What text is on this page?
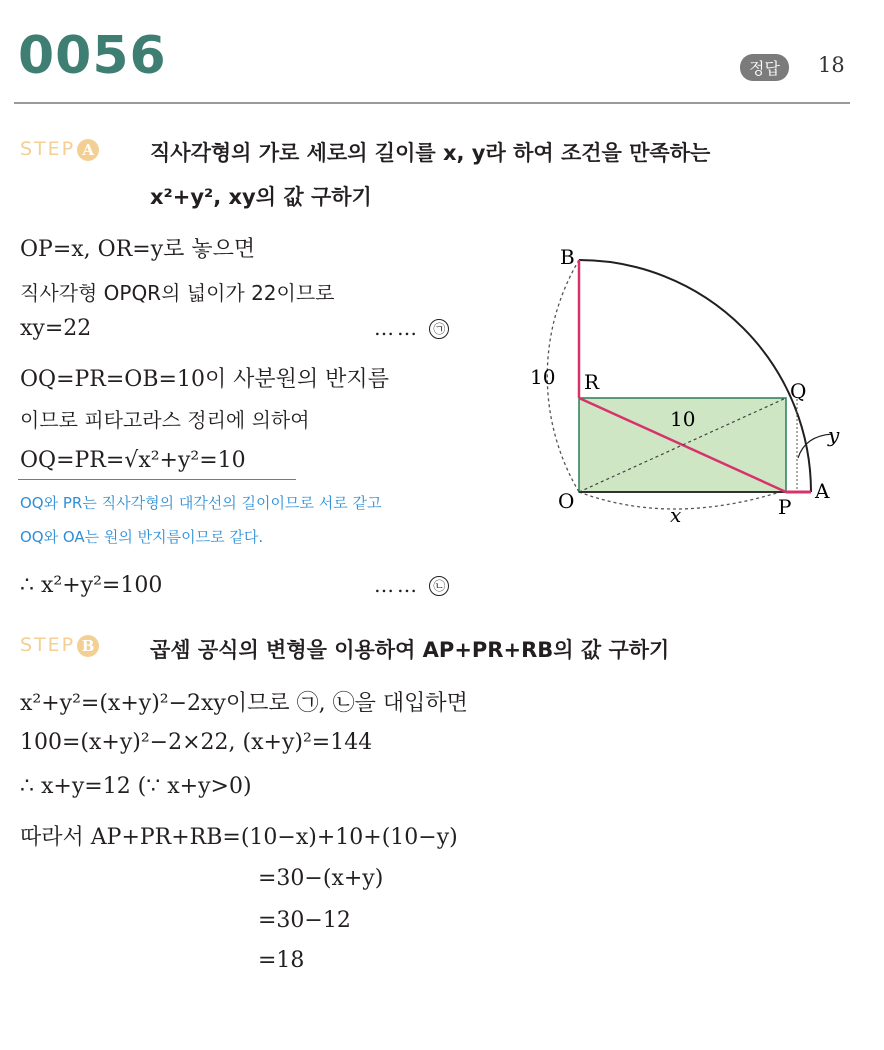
0056	정답	18
STEP A	직사각형의 가로 세로의 길이를 x, y라 하여 조건을 만족하는
x²+y², xy의 값 구하기
OP=x, OR=y로 놓으면
직사각형 OPQR의 넓이가 22이므로
xy=22	…… ㉠
OQ=PR=OB=10이 사분원의 반지름
이므로 피타고라스 정리에 의하여
OQ=PR=√x²+y²=10
OQ와 PR는 직사각형의 대각선의 길이이므로 서로 같고
OQ와 OA는 원의 반지름이므로 같다.
∴ x²+y²=100	…… ㉡
B
R	Q
O	P
A
10
10
x
y
STEP B	곱셈 공식의 변형을 이용하여 AP+PR+RB의 값 구하기
x²+y²=(x+y)²−2xy이므로 ㉠, ㉡을 대입하면
100=(x+y)²−2×22, (x+y)²=144
∴ x+y=12 (∵ x+y>0)
따라서 AP+PR+RB=(10−x)+10+(10−y)
=30−(x+y)
=30−12
=18
